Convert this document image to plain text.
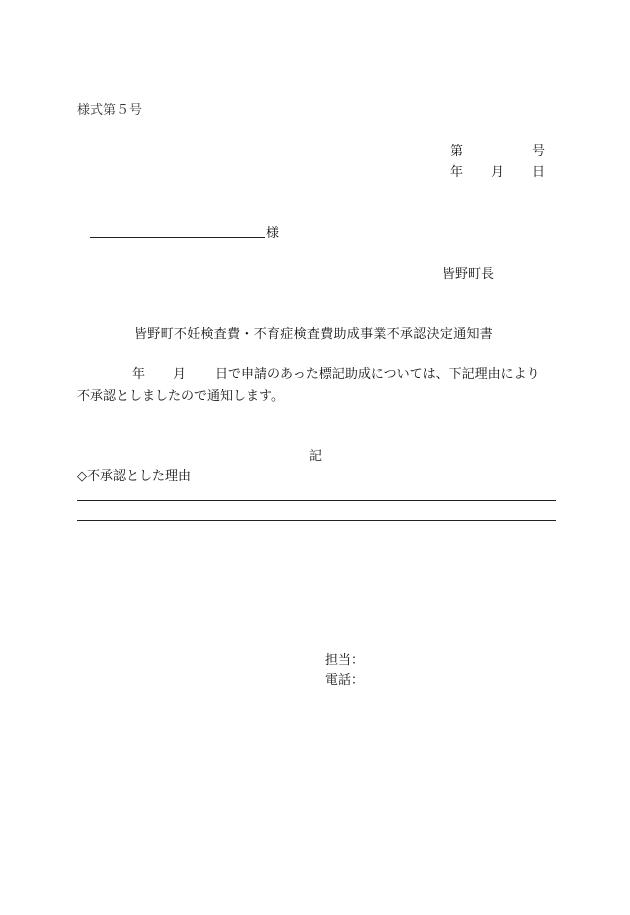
様式第５号
第	号
年 月 日
様
皆野町長
皆野町不妊検査費・不育症検査費助成事業不承認決定通知書
年 月 日で申請のあった標記助成については、下記理由により
不承認としましたので通知します。
記
◇不承認とした理由
担当：
電話：
